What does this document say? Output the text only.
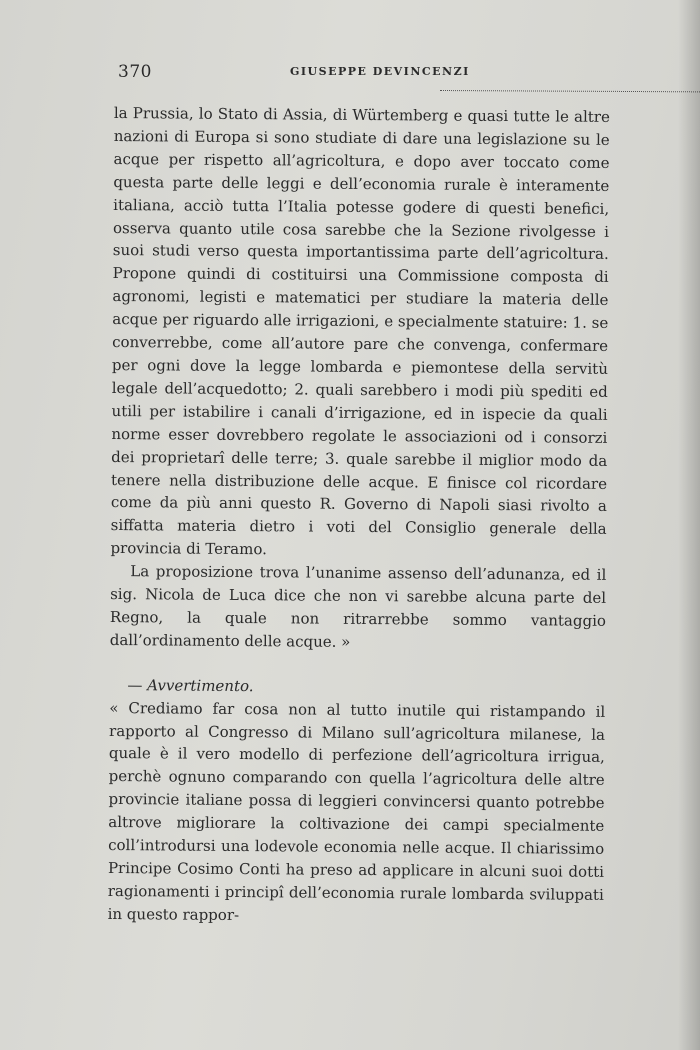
370	GIUSEPPE DEVINCENZI

la Prussia, lo Stato di Assia, di Würtemberg e quasi tutte le altre nazioni di Europa si sono studiate di dare una legislazione su le acque per rispetto all’agricoltura, e dopo aver toccato come questa parte delle leggi e dell’economia rurale è interamente italiana, acciò tutta l’Italia potesse godere di questi benefici, osserva quanto utile cosa sarebbe che la Sezione rivolgesse i suoi studi verso questa importantissima parte dell’agricoltura. Propone quindi di costituirsi una Commissione composta di agronomi, legisti e matematici per studiare la materia delle acque per riguardo alle irrigazioni, e specialmente statuire: 1. se converrebbe, come all’autore pare che convenga, confermare per ogni dove la legge lombarda e piemontese della servitù legale dell’acquedotto; 2. quali sarebbero i modi più spediti ed utili per istabilire i canali d’irrigazione, ed in ispecie da quali norme esser dovrebbero regolate le associazioni od i consorzi dei proprietarî delle terre; 3. quale sarebbe il miglior modo da tenere nella distribuzione delle acque. E finisce col ricordare come da più anni questo R. Governo di Napoli siasi rivolto a siffatta materia dietro i voti del Consiglio generale della provincia di Teramo.

La proposizione trova l’unanime assenso dell’adunanza, ed il sig. Nicola de Luca dice che non vi sarebbe alcuna parte del Regno, la quale non ritrarrebbe sommo vantaggio dall’ordinamento delle acque. »

— Avvertimento.

« Crediamo far cosa non al tutto inutile qui ristampando il rapporto al Congresso di Milano sull’agricoltura milanese, la quale è il vero modello di perfezione dell’agricoltura irrigua, perchè ognuno comparando con quella l’agricoltura delle altre provincie italiane possa di leggieri convincersi quanto potrebbe altrove migliorare la coltivazione dei campi specialmente coll’introdursi una lodevole economia nelle acque. Il chiarissimo Principe Cosimo Conti ha preso ad applicare in alcuni suoi dotti ragionamenti i principî dell’economia rurale lombarda sviluppati in questo rappor-
